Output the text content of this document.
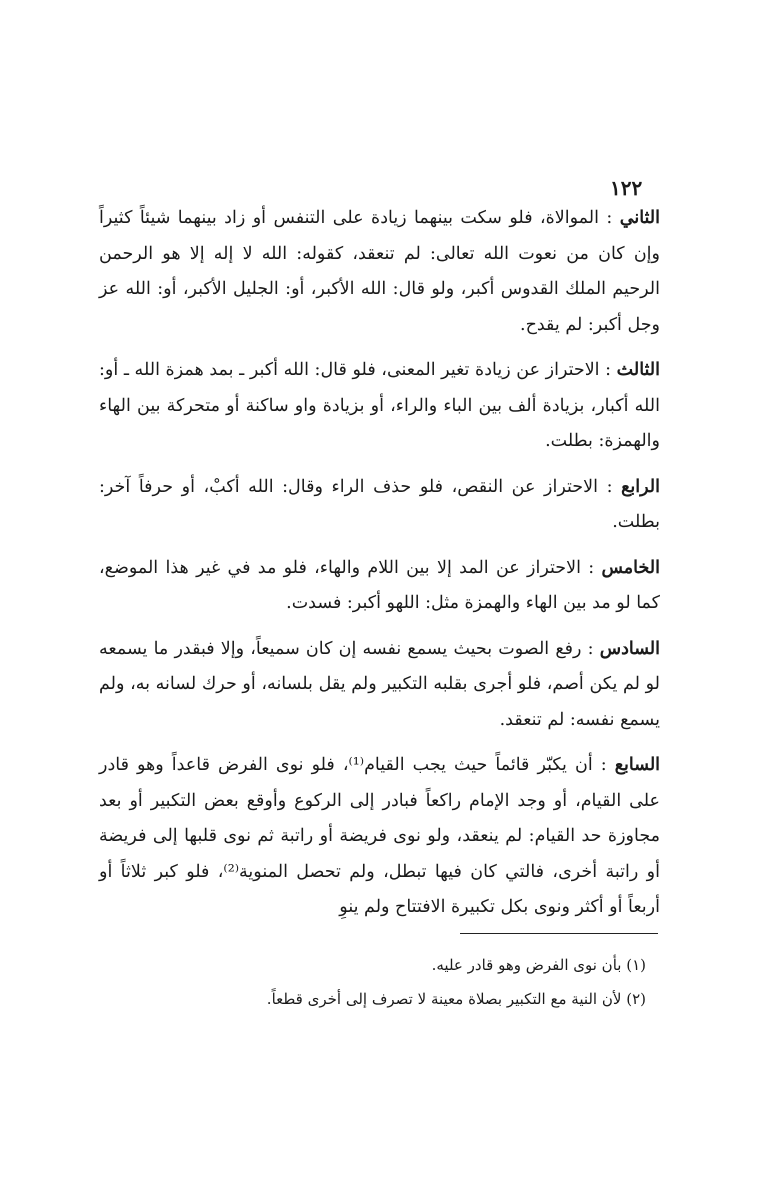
١٢٢

الثاني : الموالاة، فلو سكت بينهما زيادة على التنفس أو زاد بينهما شيئاً كثيراً وإن كان من نعوت الله تعالى: لم تنعقد، كقوله: الله لا إله إلا هو الرحمن الرحيم الملك القدوس أكبر، ولو قال: الله الأكبر، أو: الجليل الأكبر، أو: الله عز وجل أكبر: لم يقدح.

الثالث : الاحتراز عن زيادة تغير المعنى، فلو قال: الله أكبر ـ بمد همزة الله ـ أو: الله أكبار، بزيادة ألف بين الباء والراء، أو بزيادة واو ساكنة أو متحركة بين الهاء والهمزة: بطلت.

الرابع : الاحتراز عن النقص، فلو حذف الراء وقال: الله أكبْ، أو حرفاً آخر: بطلت.

الخامس : الاحتراز عن المد إلا بين اللام والهاء، فلو مد في غير هذا الموضع، كما لو مد بين الهاء والهمزة مثل: اللهو أكبر: فسدت.

السادس : رفع الصوت بحيث يسمع نفسه إن كان سميعاً، وإلا فبقدر ما يسمعه لو لم يكن أصم، فلو أجرى بقلبه التكبير ولم يقل بلسانه، أو حرك لسانه به، ولم يسمع نفسه: لم تنعقد.

السابع : أن يكبّر قائماً حيث يجب القيام⁽¹⁾، فلو نوى الفرض قاعداً وهو قادر على القيام، أو وجد الإمام راكعاً فبادر إلى الركوع وأوقع بعض التكبير أو بعد مجاوزة حد القيام: لم ينعقد، ولو نوى فريضة أو راتبة ثم نوى قلبها إلى فريضة أو راتبة أخرى، فالتي كان فيها تبطل، ولم تحصل المنوية⁽²⁾، فلو كبر ثلاثاً أو أربعاً أو أكثر ونوى بكل تكبيرة الافتتاح ولم ينوِ

(١) بأن نوى الفرض وهو قادر عليه.

(٢) لأن النية مع التكبير بصلاة معينة لا تصرف إلى أخرى قطعاً.
